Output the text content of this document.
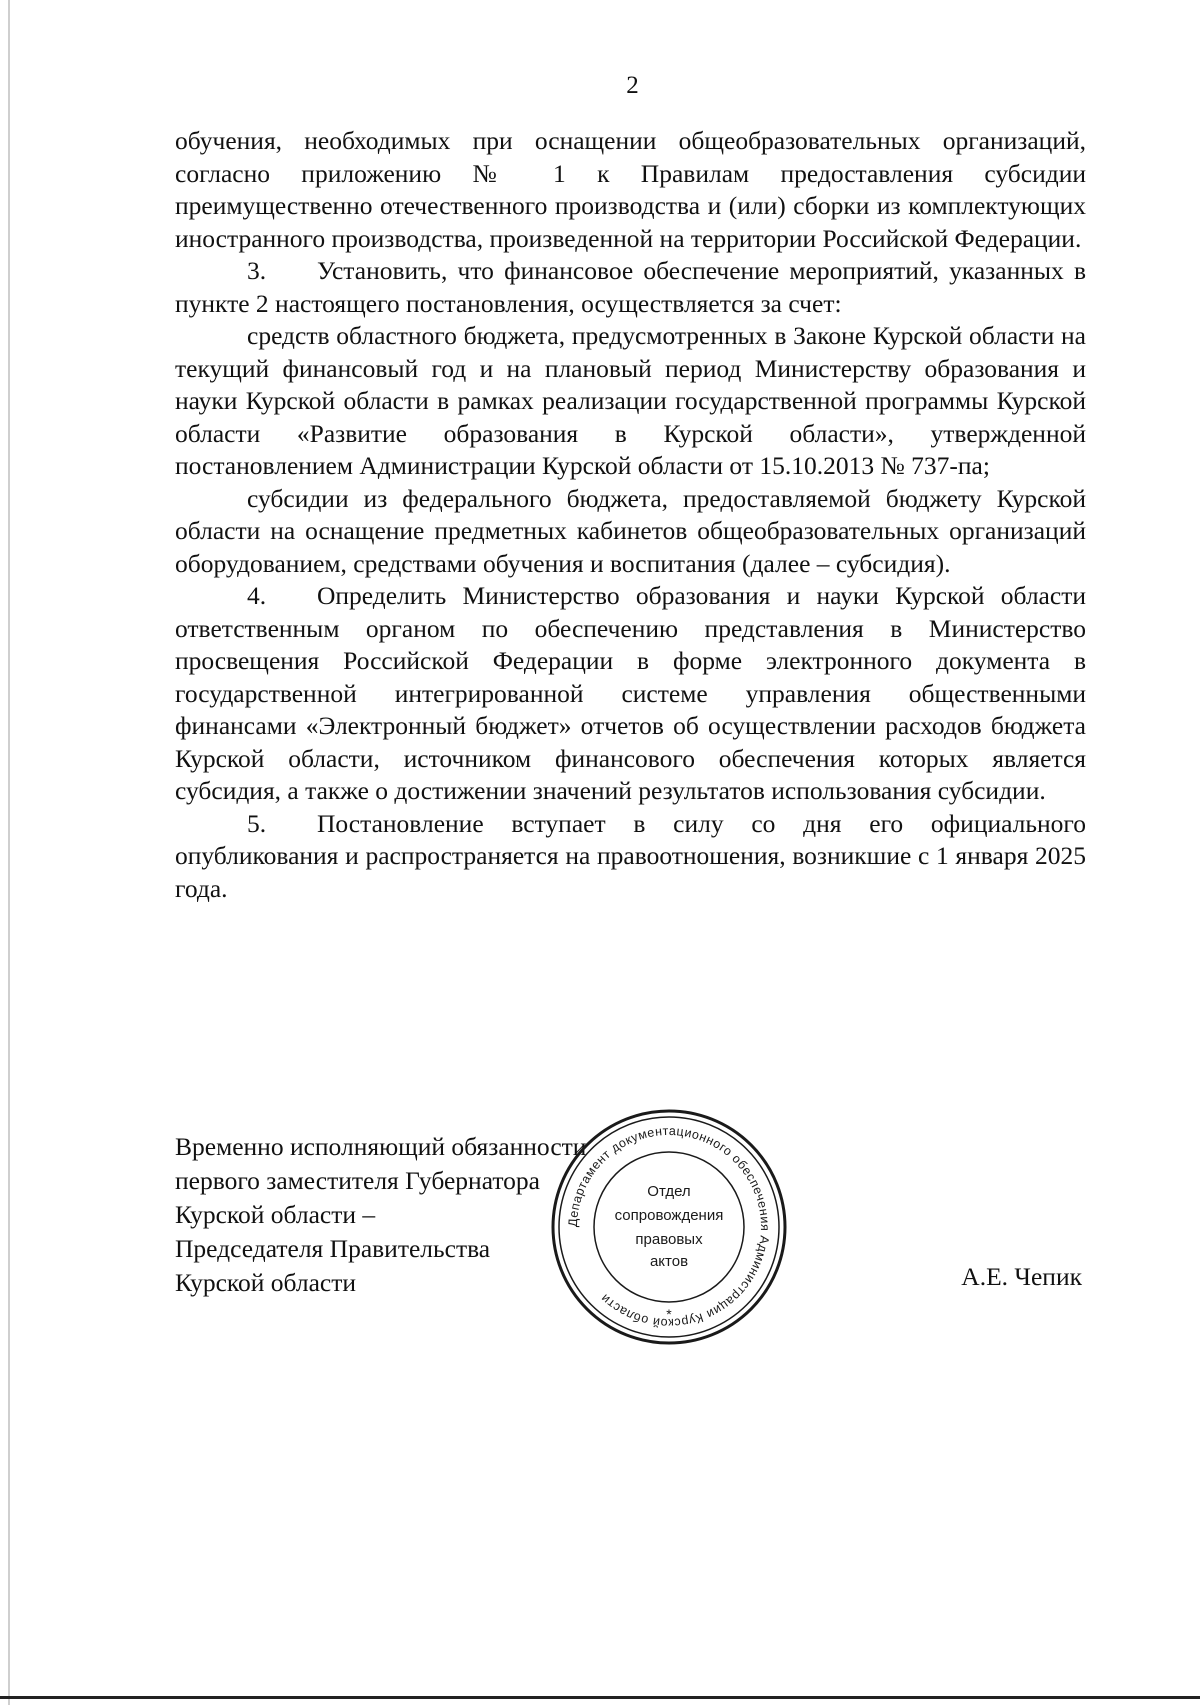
2

обучения, необходимых при оснащении общеобразовательных организаций, согласно приложению № 1 к Правилам предоставления субсидии преимущественно отечественного производства и (или) сборки из комплектующих иностранного производства, произведенной на территории Российской Федерации.

3. Установить, что финансовое обеспечение мероприятий, указанных в пункте 2 настоящего постановления, осуществляется за счет:

средств областного бюджета, предусмотренных в Законе Курской области на текущий финансовый год и на плановый период Министерству образования и науки Курской области в рамках реализации государственной программы Курской области «Развитие образования в Курской области», утвержденной постановлением Администрации Курской области от 15.10.2013 № 737-па;

субсидии из федерального бюджета, предоставляемой бюджету Курской области на оснащение предметных кабинетов общеобразовательных организаций оборудованием, средствами обучения и воспитания (далее – субсидия).

4. Определить Министерство образования и науки Курской области ответственным органом по обеспечению представления в Министерство просвещения Российской Федерации в форме электронного документа в государственной интегрированной системе управления общественными финансами «Электронный бюджет» отчетов об осуществлении расходов бюджета Курской области, источником финансового обеспечения которых является субсидия, а также о достижении значений результатов использования субсидии.

5. Постановление вступает в силу со дня его официального опубликования и распространяется на правоотношения, возникшие с 1 января 2025 года.

Временно исполняющий обязанности
первого заместителя Губернатора
Курской области –
Председателя Правительства
Курской области	А.Е. Чепик
Департамент документационного обеспечения Администрации Курской области
*
Отдел
сопровождения
правовых
актов
